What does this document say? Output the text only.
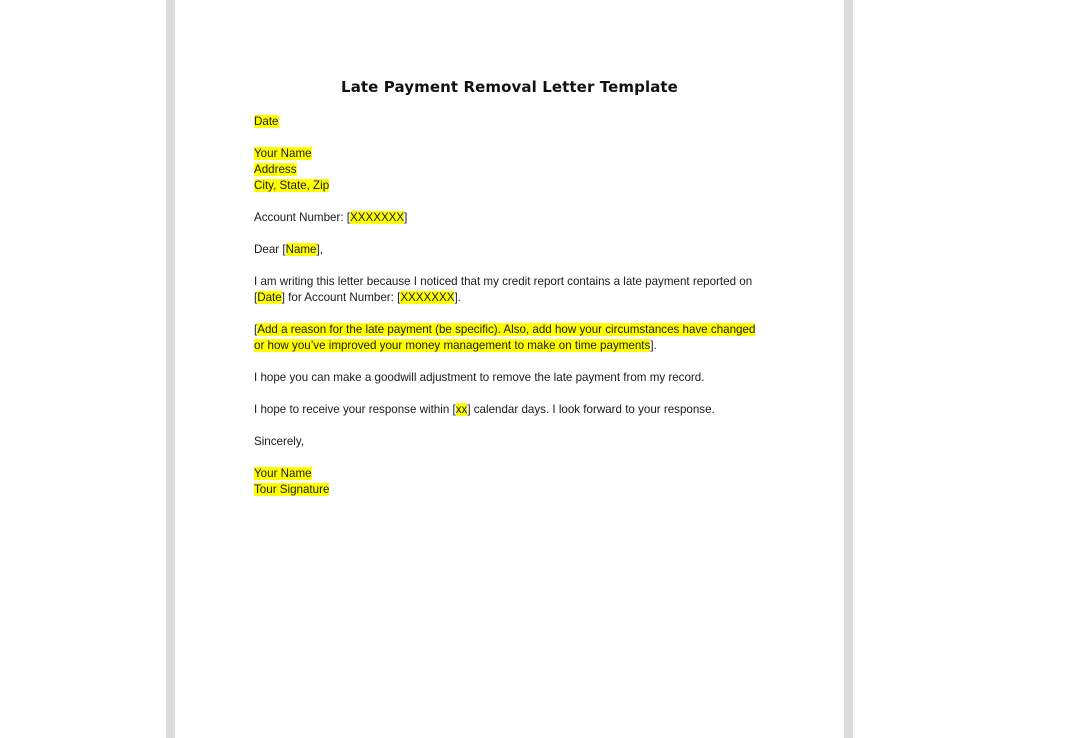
Late Payment Removal Letter Template

Date

Your Name
Address
City, State, Zip

Account Number: [XXXXXXX]

Dear [Name],

I am writing this letter because I noticed that my credit report contains a late payment reported on
[Date] for Account Number: [XXXXXXX].

[Add a reason for the late payment (be specific). Also, add how your circumstances have changed
or how you’ve improved your money management to make on time payments].

I hope you can make a goodwill adjustment to remove the late payment from my record.

I hope to receive your response within [xx] calendar days. I look forward to your response.

Sincerely,

Your Name
Tour Signature
